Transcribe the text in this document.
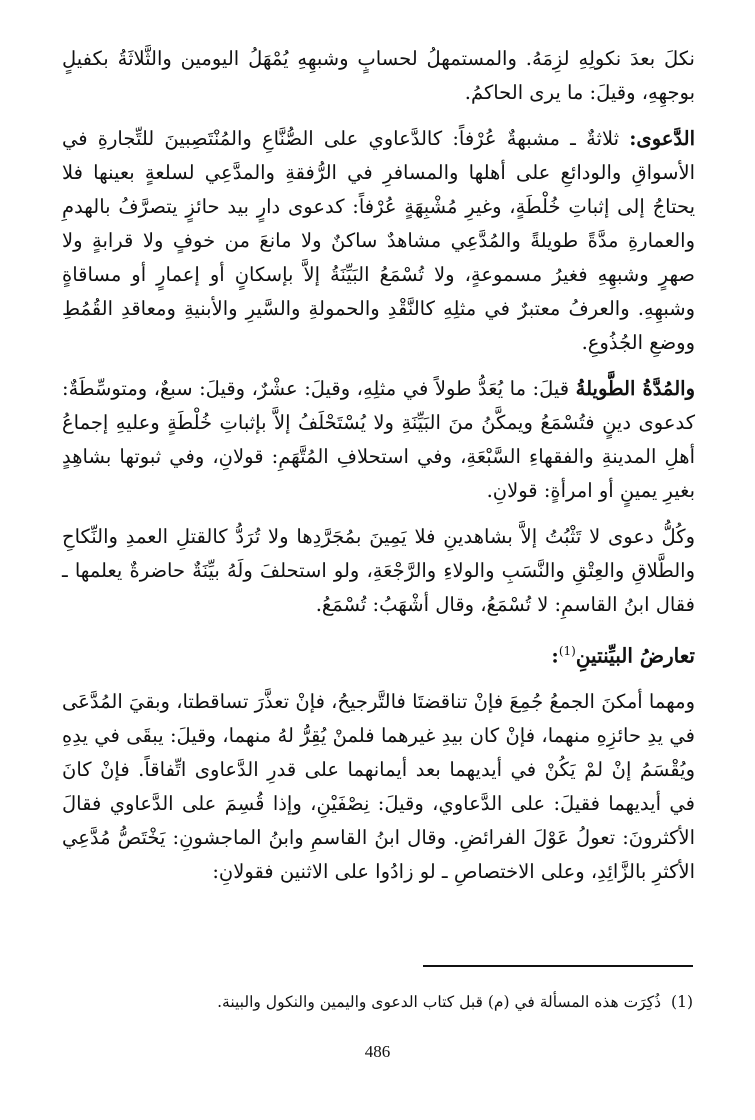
نكلَ بعدَ نكولِهِ لزِمَهُ. والمستمهلُ لحسابٍ وشبهِهِ يُمْهَلُ اليومين والثَّلاثَةُ بكفيلٍ بوجهِهِ، وقيلَ: ما يرى الحاكمُ.

الدَّعوى: ثلاثةٌ ـ مشبهةٌ عُرْفاً: كالدَّعاوي على الصُّنَّاعِ والمُنْتَصِبينَ للتِّجارةِ في الأسواقِ والودائعِ على أهلها والمسافرِ في الرُّفقةِ والمدَّعِي لسلعةٍ بعينها فلا يحتاجُ إلى إثباتِ خُلْطَةٍ، وغيرِ مُشْبِهَةٍ عُرْفاً: كدعوى دارٍ بيد حائزٍ يتصرَّفُ بالهدمِ والعمارةِ مدَّةً طويلةً والمُدَّعِي مشاهدٌ ساكنٌ ولا مانعَ من خوفٍ ولا قرابةٍ ولا صهرٍ وشبهِهِ فغيرُ مسموعةٍ، ولا تُسْمَعُ البَيِّنَةُ إلاَّ بإسكانٍ أو إعمارٍ أو مساقاةٍ وشبهِهِ. والعرفُ معتبرٌ في مثلِهِ كالنَّقْدِ والحمولةِ والسَّيرِ والأبنيةِ ومعاقدِ القُمُطِ ووضعِ الجُذُوعِ.

والمُدَّةُ الطَّويلةُ قيلَ: ما يُعَدُّ طولاً في مثلِهِ، وقيلَ: عشْرٌ، وقيلَ: سبعٌ، ومتوسِّطَةٌ: كدعوى دينٍ فتُسْمَعُ ويمكَّنُ منَ البَيِّنَةِ ولا يُسْتَحْلَفُ إلاَّ بإثباتِ خُلْطَةٍ وعليهِ إجماعُ أهلِ المدينةِ والفقهاءِ السَّبْعَةِ، وفي استحلافِ المُتَّهَمِ: قولانِ، وفي ثبوتها بشاهِدٍ بغيرِ يمينٍ أو امرأةٍ: قولانِ.

وكُلُّ دعوى لا تَثْبُتُ إلاَّ بشاهدينِ فلا يَمِينَ بمُجَرَّدِها ولا تُرَدُّ كالقتلِ العمدِ والنِّكاحِ والطَّلاقِ والعِتْقِ والنَّسَبِ والولاءِ والرَّجْعَةِ، ولو استحلفَ ولَهُ بيِّنَةٌ حاضرةٌ يعلمها ـ فقال ابنُ القاسمِ: لا تُسْمَعُ، وقال أشْهَبُ: تُسْمَعُ.

تعارضُ البيِّنتينِ$^{(1)}$:

ومهما أمكنَ الجمعُ جُمِعَ فإنْ تناقضتَا فالتَّرجيحُ، فإنْ تعذَّرَ تساقطتا، وبقيَ المُدَّعَى في يدِ حائزِهِ منهما، فإنْ كان بيدِ غيرهما فلمنْ يُقِرُّ لهُ منهما، وقيلَ: يبقَى في يدِهِ ويُقْسَمُ إنْ لمْ يَكُنْ في أيديهما بعد أيمانهما على قدرِ الدَّعاوى اتِّفاقاً. فإنْ كانَ في أيديهما فقيلَ: على الدَّعاوي، وقيلَ: نِصْفَيْنِ، وإذا قُسِمَ على الدَّعاوي فقالَ الأكثرونَ: تعولُ عَوْلَ الفرائضِ. وقال ابنُ القاسمِ وابنُ الماجشونِ: يَخْتَصُّ مُدَّعِي الأكثرِ بالزَّائِدِ، وعلى الاختصاصِ ـ لو زادُوا على الاثنين فقولانِ:

(1)ذُكِرَت هذه المسألة في (م) قبل كتاب الدعوى واليمين والنكول والبينة.
486
